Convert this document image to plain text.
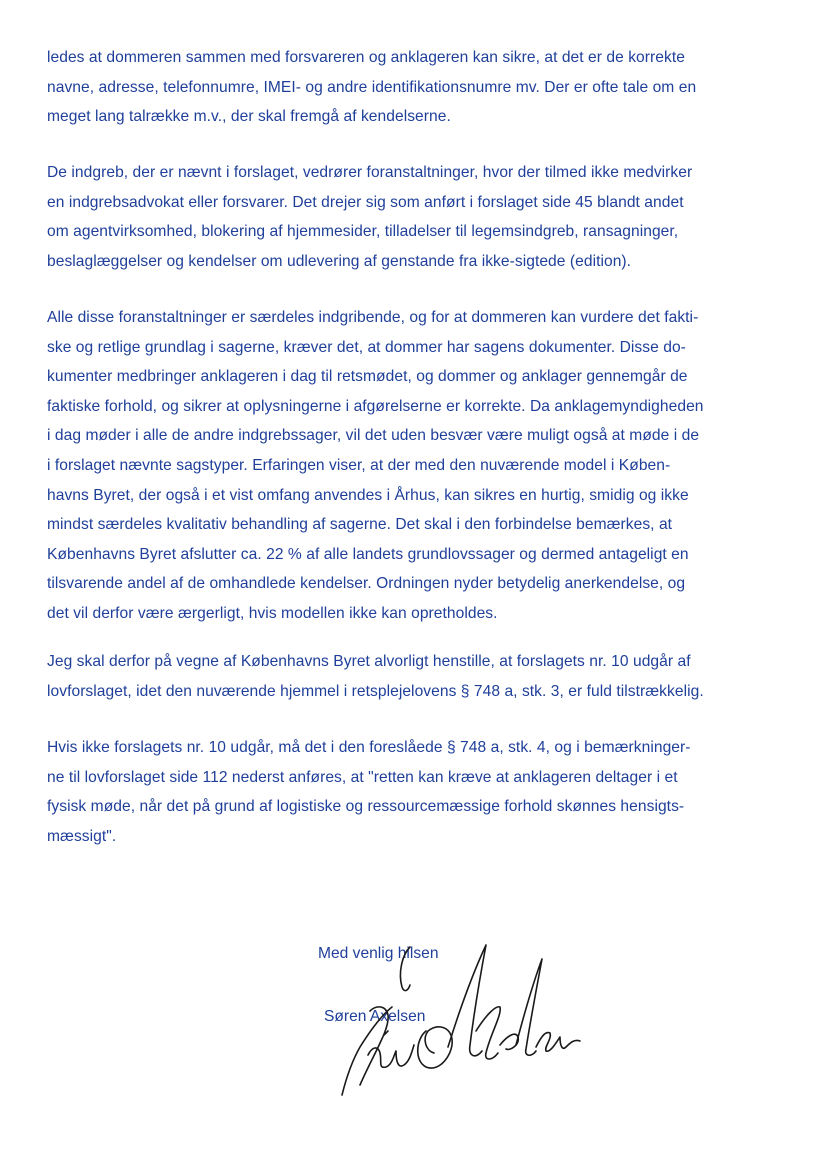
ledes at dommeren sammen med forsvareren og anklageren kan sikre, at det er de korrekte
navne, adresse, telefonnumre, IMEI- og andre identifikationsnumre mv. Der er ofte tale om en
meget lang talrække m.v., der skal fremgå af kendelserne.

De indgreb, der er nævnt i forslaget, vedrører foranstaltninger, hvor der tilmed ikke medvirker
en indgrebsadvokat eller forsvarer. Det drejer sig som anført i forslaget side 45 blandt andet
om agentvirksomhed, blokering af hjemmesider, tilladelser til legemsindgreb, ransagninger,
beslaglæggelser og kendelser om udlevering af genstande fra ikke-sigtede (edition).

Alle disse foranstaltninger er særdeles indgribende, og for at dommeren kan vurdere det fakti-
ske og retlige grundlag i sagerne, kræver det, at dommer har sagens dokumenter. Disse do-
kumenter medbringer anklageren i dag til retsmødet, og dommer og anklager gennemgår de
faktiske forhold, og sikrer at oplysningerne i afgørelserne er korrekte. Da anklagemyndigheden
i dag møder i alle de andre indgrebssager, vil det uden besvær være muligt også at møde i de
i forslaget nævnte sagstyper. Erfaringen viser, at der med den nuværende model i Køben-
havns Byret, der også i et vist omfang anvendes i Århus, kan sikres en hurtig, smidig og ikke
mindst særdeles kvalitativ behandling af sagerne. Det skal i den forbindelse bemærkes, at
Københavns Byret afslutter ca. 22 % af alle landets grundlovssager og dermed antageligt en
tilsvarende andel af de omhandlede kendelser. Ordningen nyder betydelig anerkendelse, og
det vil derfor være ærgerligt, hvis modellen ikke kan opretholdes.

Jeg skal derfor på vegne af Københavns Byret alvorligt henstille, at forslagets nr. 10 udgår af
lovforslaget, idet den nuværende hjemmel i retsplejelovens § 748 a, stk. 3, er fuld tilstrækkelig.

Hvis ikke forslagets nr. 10 udgår, må det i den foreslåede § 748 a, stk. 4, og i bemærkninger-
ne til lovforslaget side 112 nederst anføres, at "retten kan kræve at anklageren deltager i et
fysisk møde, når det på grund af logistiske og ressourcemæssige forhold skønnes hensigts-
mæssigt".

Med venlig hilsen

Søren Axelsen
